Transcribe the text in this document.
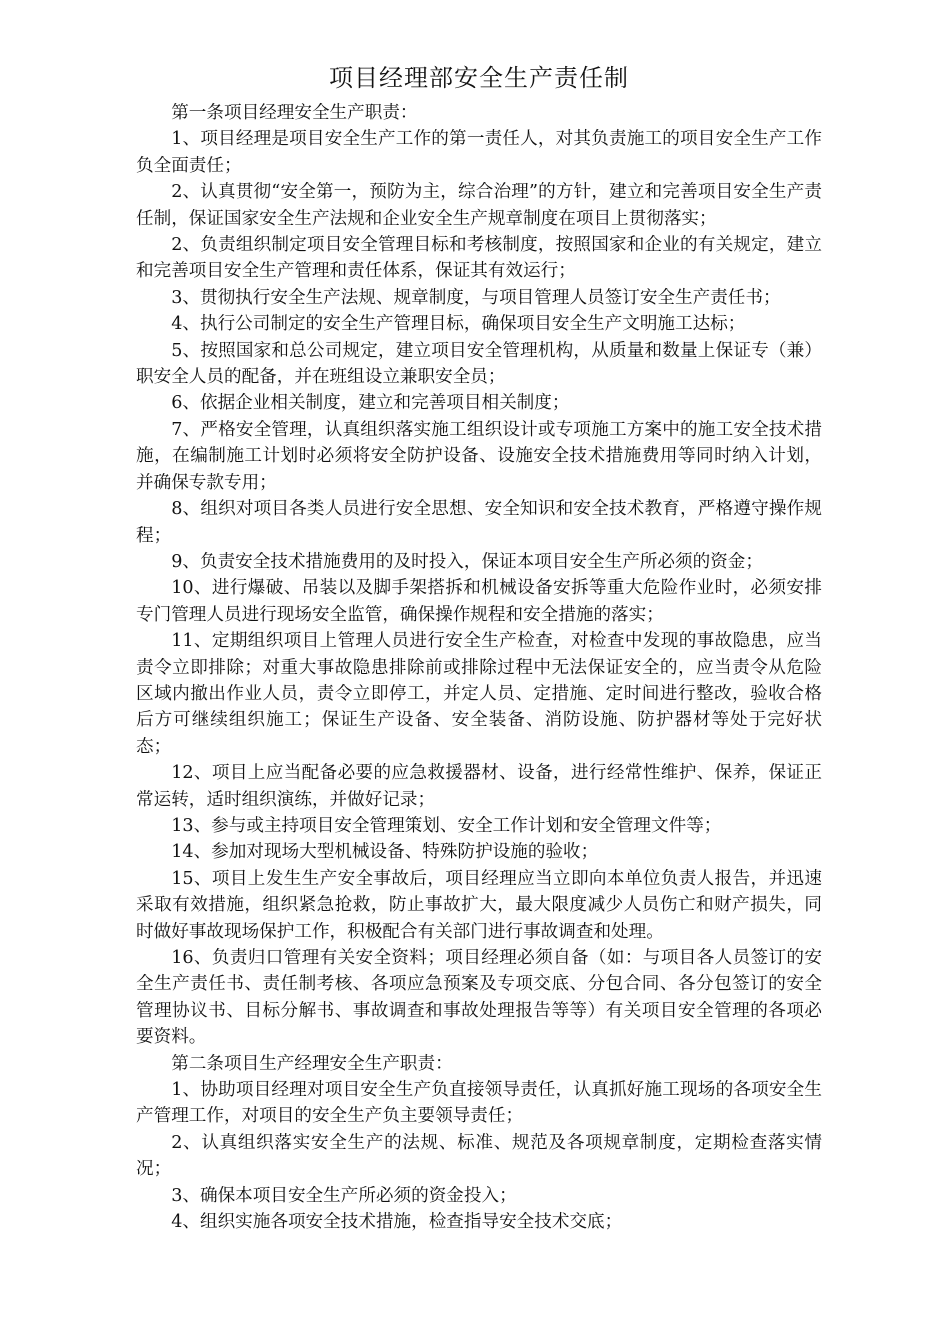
项目经理部安全生产责任制

第一条项目经理安全生产职责：

1、项目经理是项目安全生产工作的第一责任人，对其负责施工的项目安全生产工作负全面责任；

2、认真贯彻“安全第一，预防为主，综合治理”的方针，建立和完善项目安全生产责任制，保证国家安全生产法规和企业安全生产规章制度在项目上贯彻落实；

2、负责组织制定项目安全管理目标和考核制度，按照国家和企业的有关规定，建立和完善项目安全生产管理和责任体系，保证其有效运行；

3、贯彻执行安全生产法规、规章制度，与项目管理人员签订安全生产责任书；

4、执行公司制定的安全生产管理目标，确保项目安全生产文明施工达标；

5、按照国家和总公司规定，建立项目安全管理机构，从质量和数量上保证专（兼）职安全人员的配备，并在班组设立兼职安全员；

6、依据企业相关制度，建立和完善项目相关制度；

7、严格安全管理，认真组织落实施工组织设计或专项施工方案中的施工安全技术措施，在编制施工计划时必须将安全防护设备、设施安全技术措施费用等同时纳入计划，并确保专款专用；

8、组织对项目各类人员进行安全思想、安全知识和安全技术教育，严格遵守操作规程；

9、负责安全技术措施费用的及时投入，保证本项目安全生产所必须的资金；

10、进行爆破、吊装以及脚手架搭拆和机械设备安拆等重大危险作业时，必须安排专门管理人员进行现场安全监管，确保操作规程和安全措施的落实；

11、定期组织项目上管理人员进行安全生产检查，对检查中发现的事故隐患，应当责令立即排除；对重大事故隐患排除前或排除过程中无法保证安全的，应当责令从危险区域内撤出作业人员，责令立即停工，并定人员、定措施、定时间进行整改，验收合格后方可继续组织施工；保证生产设备、安全装备、消防设施、防护器材等处于完好状态；

12、项目上应当配备必要的应急救援器材、设备，进行经常性维护、保养，保证正常运转，适时组织演练，并做好记录；

13、参与或主持项目安全管理策划、安全工作计划和安全管理文件等；

14、参加对现场大型机械设备、特殊防护设施的验收；

15、项目上发生生产安全事故后，项目经理应当立即向本单位负责人报告，并迅速采取有效措施，组织紧急抢救，防止事故扩大，最大限度减少人员伤亡和财产损失，同时做好事故现场保护工作，积极配合有关部门进行事故调查和处理。

16、负责归口管理有关安全资料；项目经理必须自备（如：与项目各人员签订的安全生产责任书、责任制考核、各项应急预案及专项交底、分包合同、各分包签订的安全管理协议书、目标分解书、事故调查和事故处理报告等等）有关项目安全管理的各项必要资料。

第二条项目生产经理安全生产职责：

1、协助项目经理对项目安全生产负直接领导责任，认真抓好施工现场的各项安全生产管理工作，对项目的安全生产负主要领导责任；

2、认真组织落实安全生产的法规、标准、规范及各项规章制度，定期检查落实情况；

3、确保本项目安全生产所必须的资金投入；

4、组织实施各项安全技术措施，检查指导安全技术交底；
